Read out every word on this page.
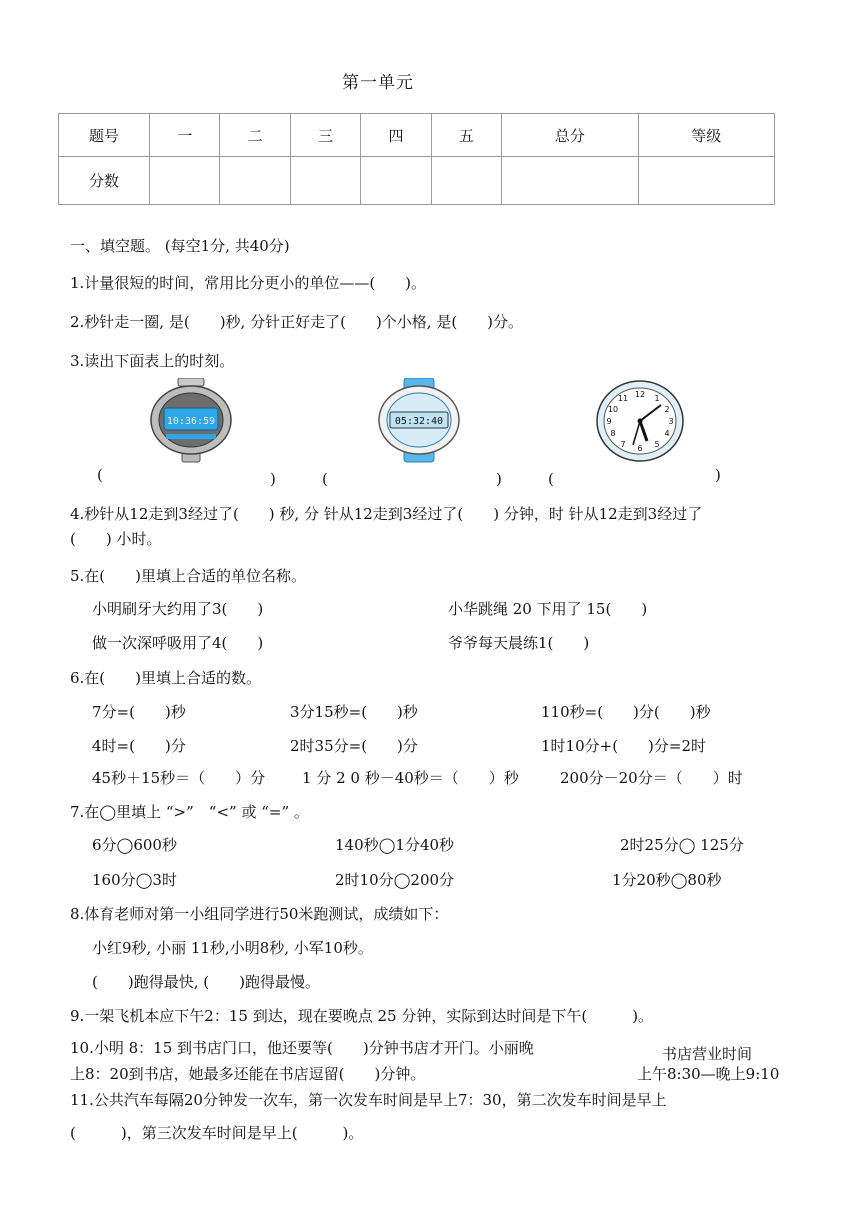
第一单元
题号	一	二	三	四	五	总分	等级
分数							
一、填空题。 (每空1分, 共40分)
1.计量很短的时间，常用比分更小的单位——(　　)。
2.秒针走一圈, 是(　　)秒, 分针正好走了(　　)个小格, 是(　　)分。
3.读出下面表上的时刻。
10:36:59	05:32:40
12 1
2
3
4
5
6
7
8
9
10
11
(	)	(	)	(	)
4.秒针从12走到3经过了(　　) 秒, 分 针从12走到3经过了(　　) 分钟，时 针从12走到3经过了
(　　) 小时。
5.在(　　)里填上合适的单位名称。
小明刷牙大约用了3(　　)	小华跳绳 20 下用了 15(　　)
做一次深呼吸用了4(　　)	爷爷每天晨练1(　　)
6.在(　　)里填上合适的数。
7分=(　　)秒	3分15秒=(　　)秒	110秒=(　　)分(　　)秒
4时=(　　)分	2时35分=(　　)分	1时10分+(　　)分=2时
45秒＋15秒＝（　　）分 1 分 2 0 秒－40秒＝（　　）秒	200分－20分＝（　　）时
7.在◯里填上 “>”　“<” 或 “=” 。
6分◯600秒	140秒◯1分40秒	2时25分◯ 125分
160分◯3时	2时10分◯200分	1分20秒◯80秒
8.体育老师对第一小组同学进行50米跑测试，成绩如下：
小红9秒, 小丽 11秒,小明8秒, 小军10秒。
(　　)跑得最快, (　　)跑得最慢。
9.一架飞机本应下午2：15 到达，现在要晚点 25 分钟，实际到达时间是下午(　　　)。
10.小明 8：15 到书店门口，他还要等(　　)分钟书店才开门。小丽晚
上8：20到书店，她最多还能在书店逗留(　　)分钟。
书店营业时间
上午8:30—晚上9:10
11.公共汽车每隔20分钟发一次车，第一次发车时间是早上7：30，第二次发车时间是早上
(　　　)，第三次发车时间是早上(　　　)。
